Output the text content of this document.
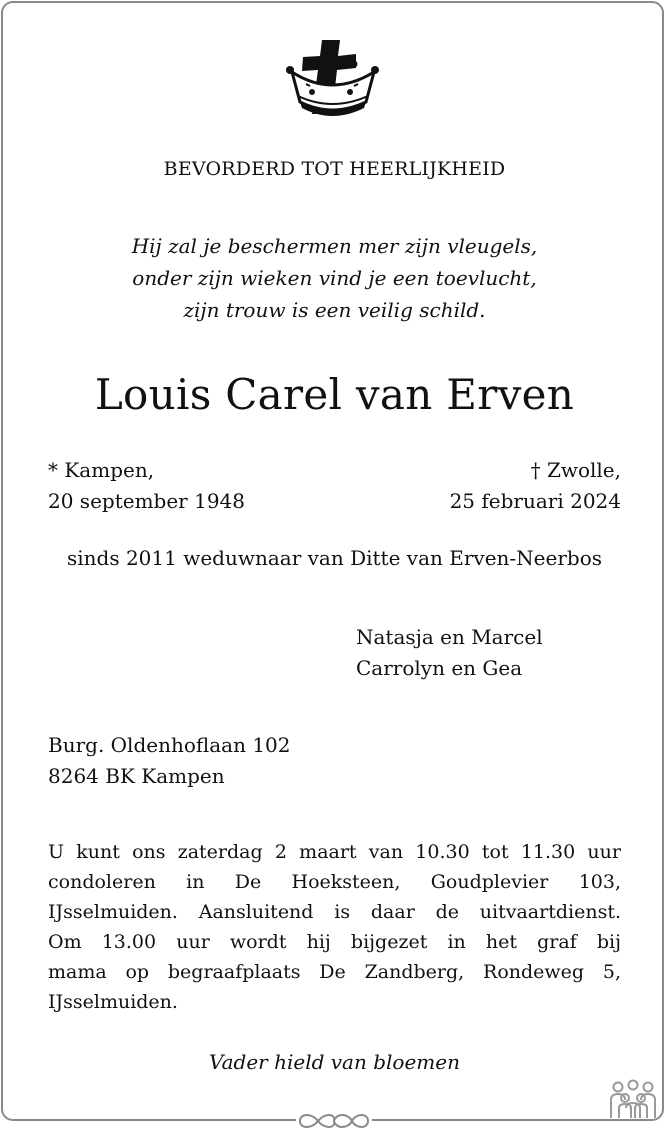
BEVORDERD TOT HEERLIJKHEID
Hij zal je beschermen mer zijn vleugels,
onder zijn wieken vind je een toevlucht,
zijn trouw is een veilig schild.
Louis Carel van Erven
* Kampen,
20 september 1948
† Zwolle,
25 februari 2024
sinds 2011 weduwnaar van Ditte van Erven-Neerbos
Natasja en Marcel
Carrolyn en Gea
Burg. Oldenhoflaan 102
8264 BK Kampen
U kunt ons zaterdag 2 maart van 10.30 tot 11.30 uur
condoleren in De Hoeksteen, Goudplevier 103,
IJsselmuiden. Aansluitend is daar de uitvaartdienst.
Om 13.00 uur wordt hij bijgezet in het graf bij
mama op begraafplaats De Zandberg, Rondeweg 5,
IJsselmuiden.
Vader hield van bloemen
